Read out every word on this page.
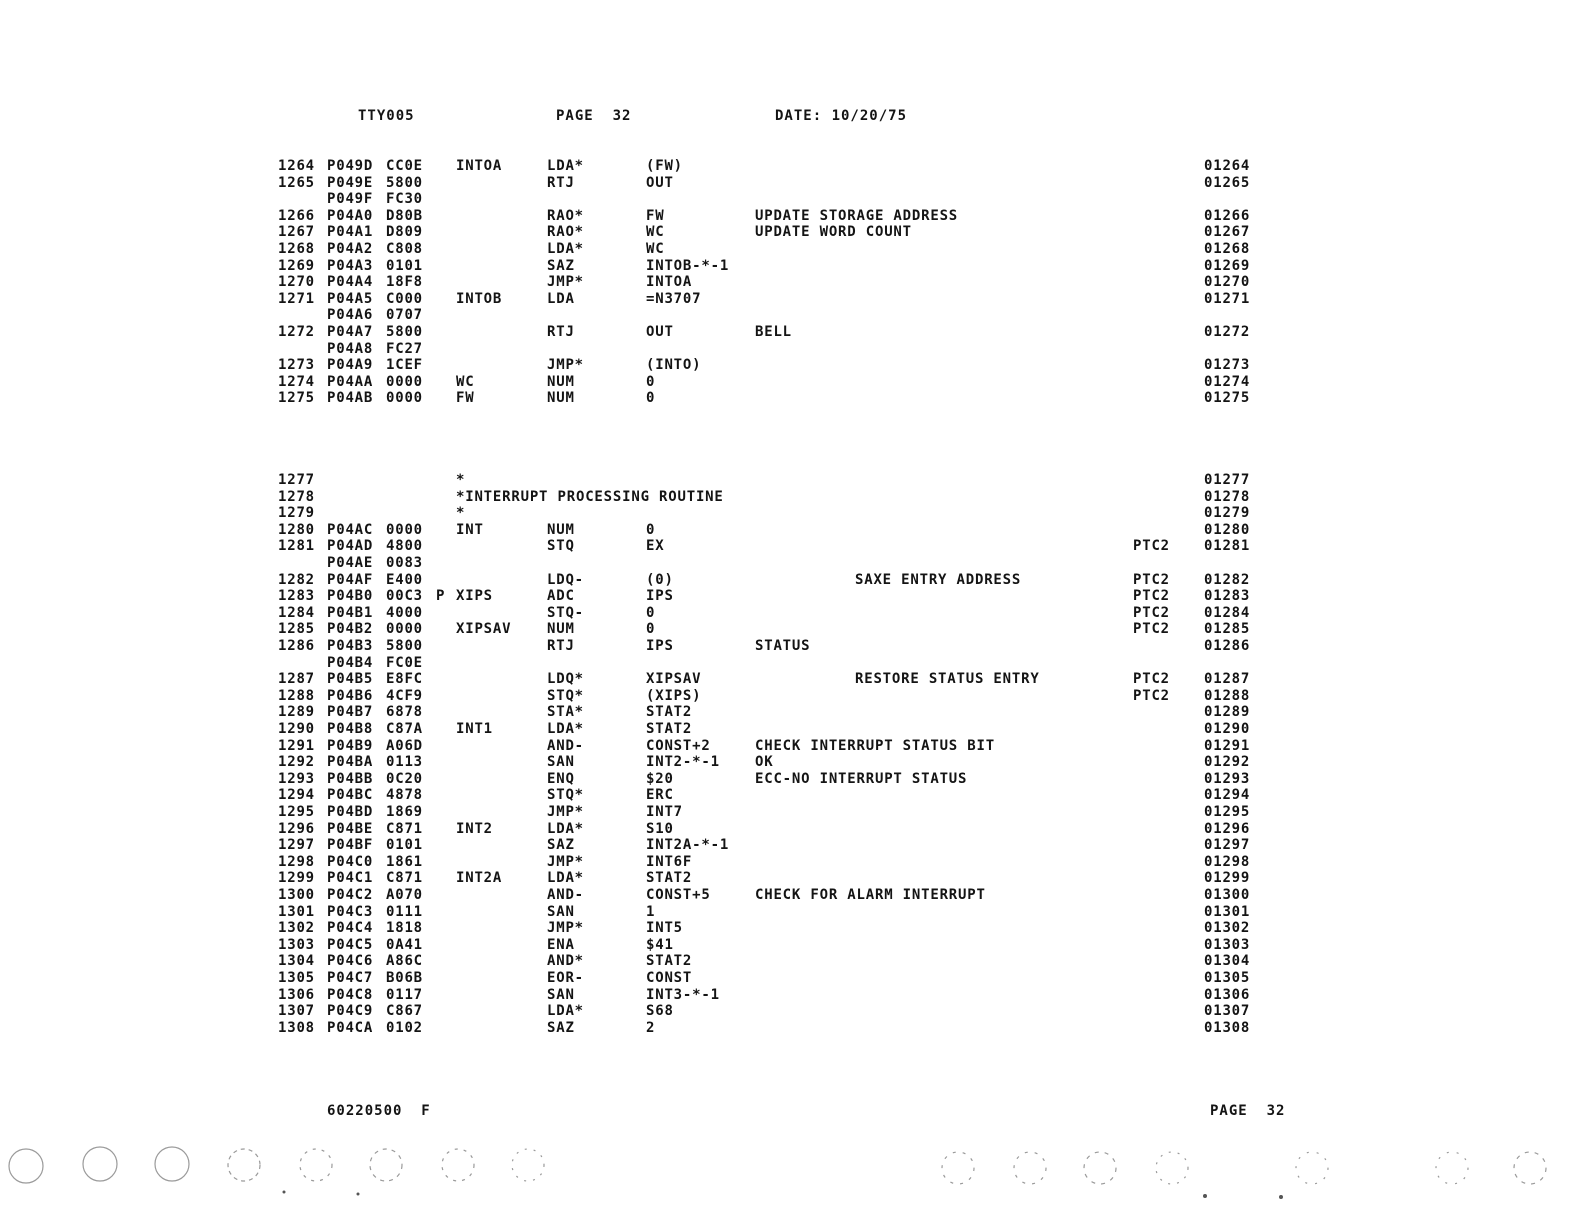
TTY005	PAGE  32	DATE: 10/20/75
1264 P049D CC0E INTOA	LDA*	(FW)	01264
1265 P049E 5800	RTJ	OUT	01265
P049F FC30
1266 P04A0 D80B	RAO*	FW	UPDATE STORAGE ADDRESS	01266
1267 P04A1 D809	RAO*	WC	UPDATE WORD COUNT	01267
1268 P04A2 C808	LDA*	WC	01268
1269 P04A3 0101	SAZ	INTOB-*-1	01269
1270 P04A4 18F8	JMP*	INTOA	01270
1271 P04A5 C000 INTOB	LDA	=N3707	01271
P04A6 0707
1272 P04A7 5800	RTJ	OUT	BELL	01272
P04A8 FC27
1273 P04A9 1CEF	JMP*	(INTO)	01273
1274 P04AA 0000 WC	NUM	0	01274
1275 P04AB 0000 FW	NUM	0	01275
1277	*	01277
1278	*INTERRUPT PROCESSING ROUTINE	01278
1279	*	01279
1280 P04AC 0000 INT	NUM	0	01280
1281 P04AD 4800	STQ	EX	PTC2 01281
P04AE 0083
1282 P04AF E400	LDQ-	(0)	SAXE ENTRY ADDRESS	PTC2 01282
1283 P04B0 00C3 P XIPS	ADC	IPS	PTC2 01283
1284 P04B1 4000	STQ-	0	PTC2 01284
1285 P04B2 0000 XIPSAV	NUM	0	PTC2 01285
1286 P04B3 5800	RTJ	IPS	STATUS	01286
P04B4 FC0E
1287 P04B5 E8FC	LDQ*	XIPSAV	RESTORE STATUS ENTRY	PTC2 01287
1288 P04B6 4CF9	STQ*	(XIPS)	PTC2 01288
1289 P04B7 6878	STA*	STAT2	01289
1290 P04B8 C87A INT1	LDA*	STAT2	01290
1291 P04B9 A06D	AND-	CONST+2	CHECK INTERRUPT STATUS BIT	01291
1292 P04BA 0113	SAN	INT2-*-1	OK	01292
1293 P04BB 0C20	ENQ	$20	ECC-NO INTERRUPT STATUS	01293
1294 P04BC 4878	STQ*	ERC	01294
1295 P04BD 1869	JMP*	INT7	01295
1296 P04BE C871 INT2	LDA*	S10	01296
1297 P04BF 0101	SAZ	INT2A-*-1	01297
1298 P04C0 1861	JMP*	INT6F	01298
1299 P04C1 C871 INT2A	LDA*	STAT2	01299
1300 P04C2 A070	AND-	CONST+5	CHECK FOR ALARM INTERRUPT	01300
1301 P04C3 0111	SAN	1	01301
1302 P04C4 1818	JMP*	INT5	01302
1303 P04C5 0A41	ENA	$41	01303
1304 P04C6 A86C	AND*	STAT2	01304
1305 P04C7 B06B	EOR-	CONST	01305
1306 P04C8 0117	SAN	INT3-*-1	01306
1307 P04C9 C867	LDA*	S68	01307
1308 P04CA 0102	SAZ	2	01308
60220500  F	PAGE  32
